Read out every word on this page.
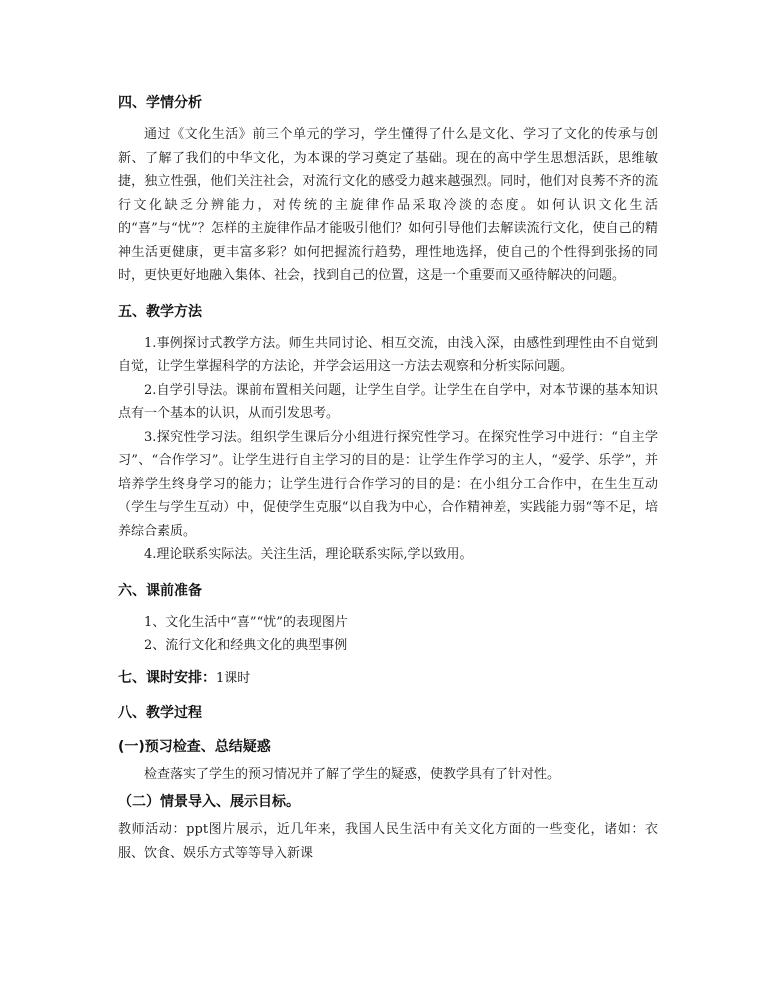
四、学情分析

通过《文化生活》前三个单元的学习，学生懂得了什么是文化、学习了文化的传承与创新、了解了我们的中华文化，为本课的学习奠定了基础。现在的高中学生思想活跃，思维敏捷，独立性强，他们关注社会，对流行文化的感受力越来越强烈。同时，他们对良莠不齐的流行文化缺乏分辨能力，对传统的主旋律作品采取冷淡的态度。如何认识文化生活的“喜”与“忧”？怎样的主旋律作品才能吸引他们？如何引导他们去解读流行文化，使自己的精神生活更健康，更丰富多彩？如何把握流行趋势，理性地选择，使自己的个性得到张扬的同时，更快更好地融入集体、社会，找到自己的位置，这是一个重要而又亟待解决的问题。

五、教学方法

1.事例探讨式教学方法。师生共同讨论、相互交流，由浅入深，由感性到理性由不自觉到自觉，让学生掌握科学的方法论，并学会运用这一方法去观察和分析实际问题。

2.自学引导法。课前布置相关问题，让学生自学。让学生在自学中，对本节课的基本知识点有一个基本的认识，从而引发思考。

3.探究性学习法。组织学生课后分小组进行探究性学习。在探究性学习中进行：“自主学习”、“合作学习”。让学生进行自主学习的目的是：让学生作学习的主人，“爱学、乐学”，并培养学生终身学习的能力；让学生进行合作学习的目的是：在小组分工合作中，在生生互动（学生与学生互动）中，促使学生克服“以自我为中心，合作精神差，实践能力弱“等不足，培养综合素质。

4.理论联系实际法。关注生活，理论联系实际,学以致用。

六、课前准备

1、文化生活中“喜”“忧”的表现图片

2、流行文化和经典文化的典型事例

七、课时安排：1课时
八、教学过程
(一)预习检查、总结疑惑

检查落实了学生的预习情况并了解了学生的疑惑，使教学具有了针对性。

（二）情景导入、展示目标。

教师活动：ppt图片展示，近几年来，我国人民生活中有关文化方面的一些变化，诸如：衣服、饮食、娱乐方式等等导入新课
